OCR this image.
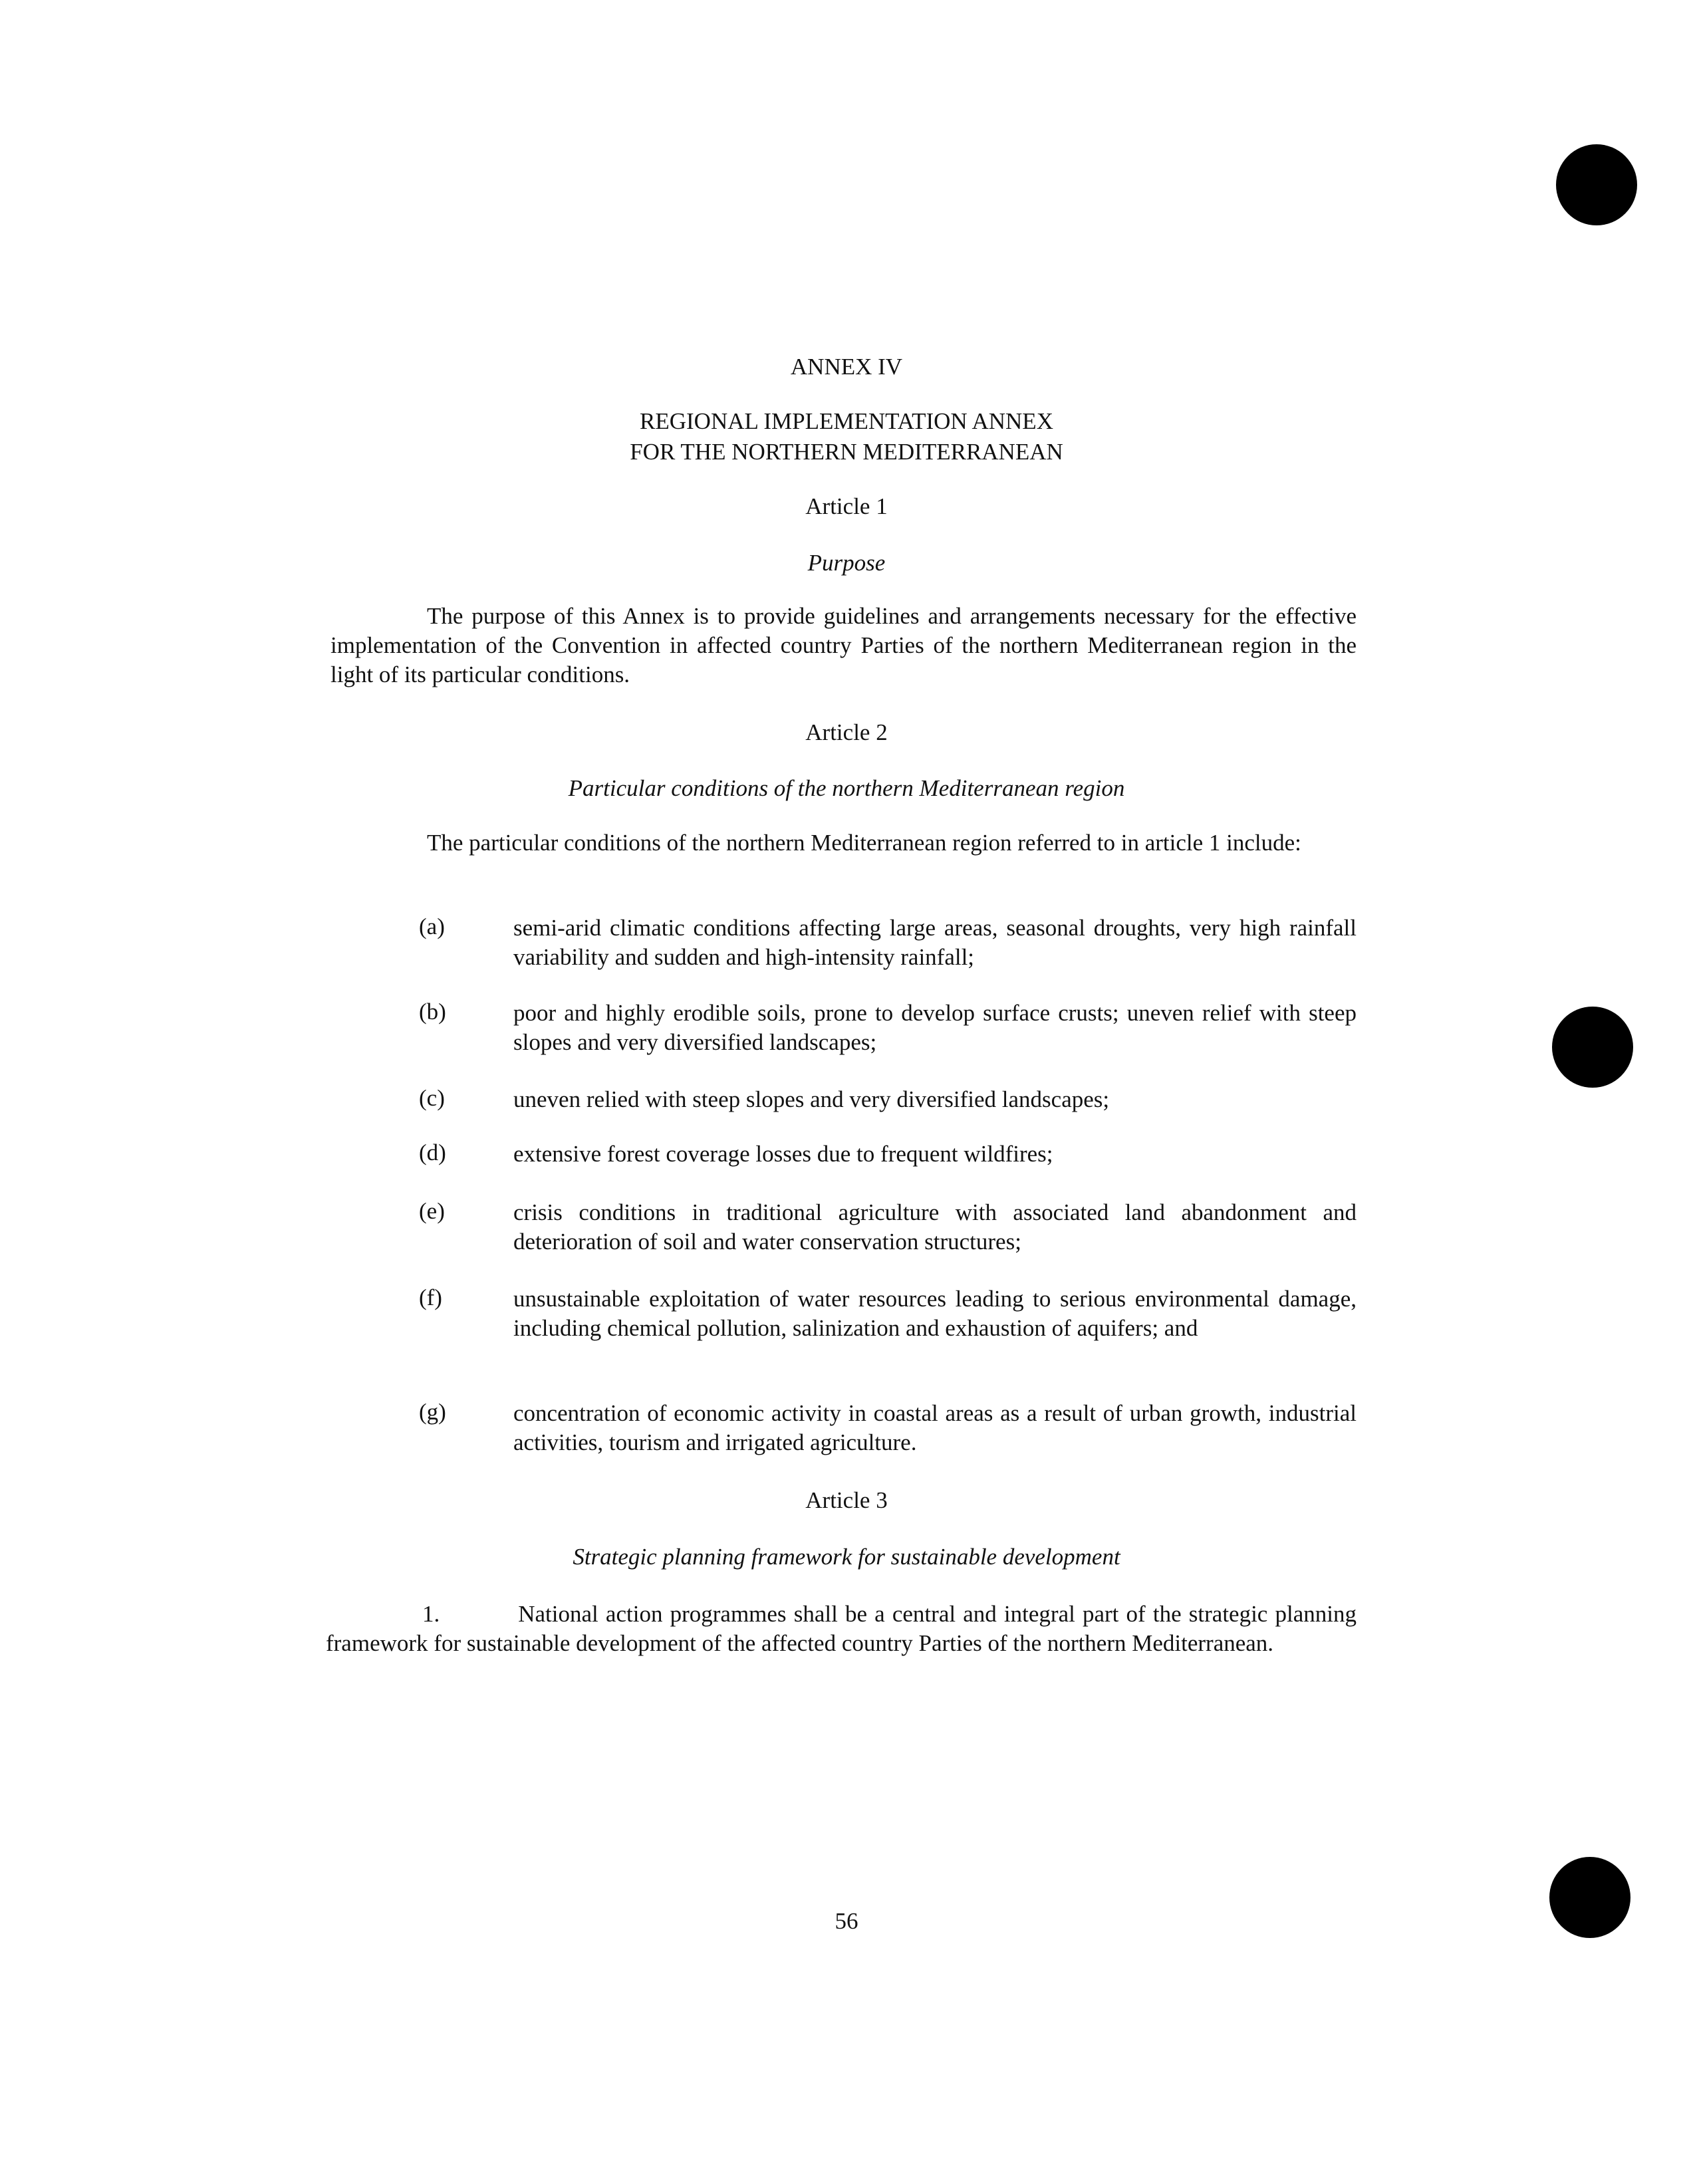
ANNEX IV
REGIONAL IMPLEMENTATION ANNEX
FOR THE NORTHERN MEDITERRANEAN
Article 1
Purpose
The purpose of this Annex is to provide guidelines and arrangements necessary for the effective implementation of the Convention in affected country Parties of the northern Mediterranean region in the light of its particular conditions.
Article 2
Particular conditions of the northern Mediterranean region
The particular conditions of the northern Mediterranean region referred to in article 1 include:
(a)	semi-arid climatic conditions affecting large areas, seasonal droughts, very high rainfall variability and sudden and high-intensity rainfall;
(b)	poor and highly erodible soils, prone to develop surface crusts; uneven relief with steep slopes and very diversified landscapes;
(c)	uneven relied with steep slopes and very diversified landscapes;
(d)	extensive forest coverage losses due to frequent wildfires;
(e)	crisis conditions in traditional agriculture with associated land abandonment and deterioration of soil and water conservation structures;
(f)	unsustainable exploitation of water resources leading to serious environmental damage, including chemical pollution, salinization and exhaustion of aquifers; and
(g)	concentration of economic activity in coastal areas as a result of urban growth, industrial activities, tourism and irrigated agriculture.
Article 3
Strategic planning framework for sustainable development
1.	National action programmes shall be a central and integral part of the strategic planning framework for sustainable development of the affected country Parties of the northern Mediterranean.
56
